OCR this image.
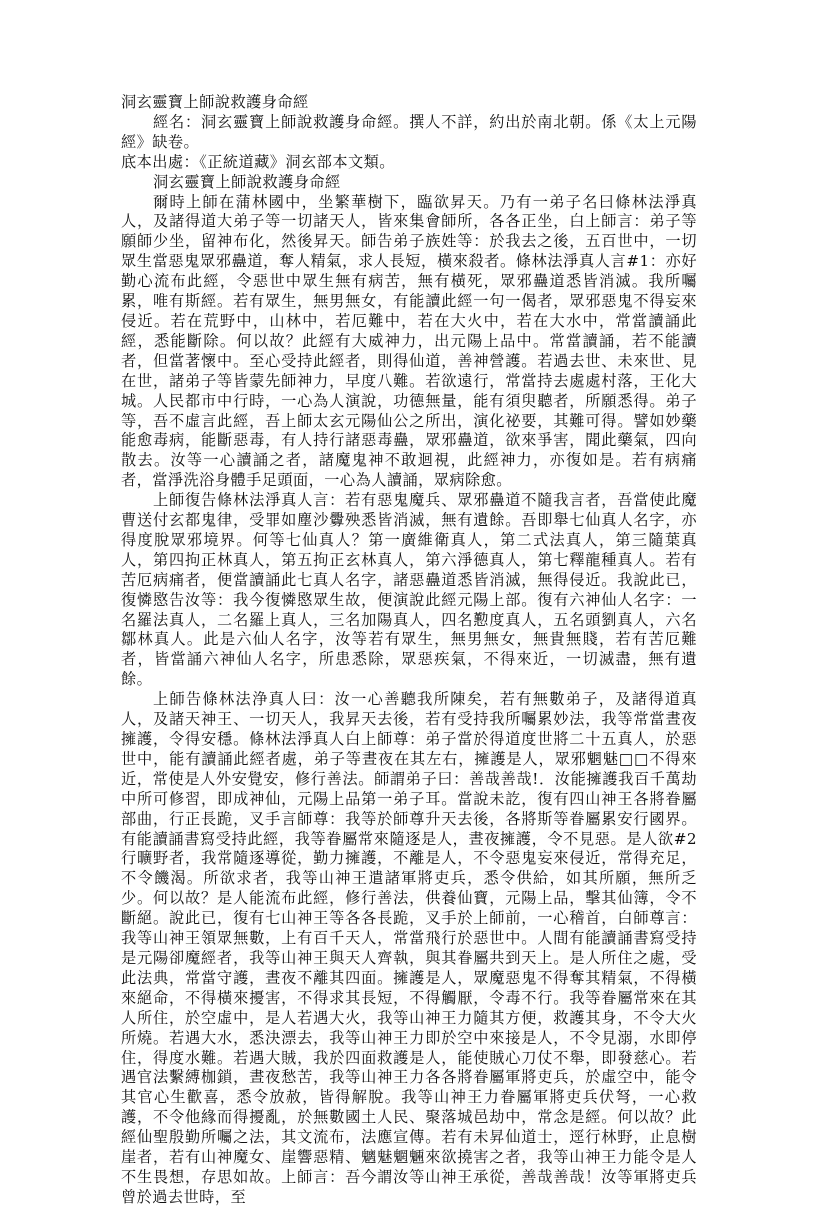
洞玄靈寶上師說救護身命經

經名：洞玄靈寶上師說救護身命經。撰人不詳，約出於南北朝。係《太上元陽經》缺卷。

底本出處：《正統道藏》洞玄部本文類。

洞玄靈寶上師說救護身命經

爾時上師在蒲林國中，坐繁華樹下，臨欲昇天。乃有一弟子名曰條林法淨真人，及諸得道大弟子等一切諸天人，皆來集會師所，各各正坐，白上師言：弟子等願師少坐，留神布化，然後昇天。師告弟子族姓等：於我去之後，五百世中，一切眾生當惡鬼眾邪蠱道，奪人精氣，求人長短，橫來殺者。條林法淨真人言#1：亦好勤心流布此經，令惡世中眾生無有病苦，無有橫死，眾邪蠱道悉皆消滅。我所囑累，唯有斯經。若有眾生，無男無女，有能讀此經一句一偈者，眾邪惡鬼不得妄來侵近。若在荒野中，山林中，若厄難中，若在大火中，若在大水中，常當讀誦此經，悉能斷除。何以故？此經有大威神力，出元陽上品中。常當讀誦，若不能讀者，但當著懷中。至心受持此經者，則得仙道，善神營護。若過去世、未來世、見在世，諸弟子等皆蒙先師神力，早度八難。若欲遠行，常當持去處處村落，王化大城。人民都市中行時，一心為人演說，功德無量，能有須臾聽者，所願悉得。弟子等，吾不虛言此經，吾上師太玄元陽仙公之所出，演化祕要，其難可得。譬如妙藥能愈毒病，能斷惡毒，有人持行諸惡毒蠱，眾邪蠱道，欲來爭害，聞此藥氣，四向散去。汝等一心讀誦之者，諸魔鬼神不敢迴視，此經神力，亦復如是。若有病痛者，當淨洗浴身體手足頭面，一心為人讀誦，眾病除愈。

上師復告條林法淨真人言：若有惡鬼魔兵、眾邪蠱道不隨我言者，吾當使此魔曹送付玄都鬼律，受罪如塵沙釁殃悉皆消滅，無有遺餘。吾即舉七仙真人名字，亦得度脫眾邪境界。何等七仙真人？第一廣維衛真人，第二式法真人，第三隨葉真人，第四拘正林真人，第五拘正玄林真人，第六淨德真人，第七釋龍種真人。若有苦厄病痛者，便當讀誦此七真人名字，諸惡蠱道悉皆消滅，無得侵近。我說此已，復憐愍告汝等：我今復憐愍眾生故，便演說此經元陽上部。復有六神仙人名字：一名羅法真人，二名羅上真人，三名加陽真人，四名懃度真人，五名頭劉真人，六名鄒林真人。此是六仙人名字，汝等若有眾生，無男無女，無貴無賤，若有苦厄難者，皆當誦六神仙人名字，所患悉除，眾惡疾氣，不得來近，一切滅盡，無有遺餘。

上師告條林法浄真人曰：汝一心善聽我所陳矣，若有無數弟子，及諸得道真人，及諸天神王、一切天人，我昇天去後，若有受持我所囑累妙法，我等常當晝夜擁護，令得安穩。條林法淨真人白上師尊：弟子當於得道度世將二十五真人，於惡世中，能有讀誦此經者處，弟子等晝夜在其左右，擁護是人，眾邪魍魅□□不得來近，常使是人外安覺安，修行善法。師謂弟子曰：善哉善哉!．汝能擁護我百千萬劫中所可修習，即成神仙，元陽上品第一弟子耳。當說未訖，復有四山神王各將眷屬部曲，行正長跪，叉手言師尊：我等於師尊升天去後，各將斯等眷屬累安行國界。有能讀誦書寫受持此經，我等眷屬常來隨逐是人，晝夜擁護，令不見惡。是人欲#2 行曠野者，我常隨逐導從，勤力擁護，不離是人，不令惡鬼妄來侵近，常得充足，不令饑渴。所欲求者，我等山神王遣諸軍將吏兵，悉令供給，如其所願，無所乏少。何以故？是人能流布此經，修行善法，供養仙寶，元陽上品，擊其仙簿，令不斷絕。說此已，復有七山神王等各各長跪，叉手於上師前，一心稽首，白師尊言：我等山神王領眾無數，上有百千天人，常當飛行於惡世中。人間有能讀誦書寫受持是元陽卻魔經者，我等山神王與天人齊執，與其眷屬共到天上。是人所住之處，受此法典，常當守護，晝夜不離其四面。擁護是人，眾魔惡鬼不得奪其精氣，不得橫來絕命，不得橫來擾害，不得求其長短，不得觸厭，令毒不行。我等眷屬常來在其人所住，於空虛中，是人若遇大火，我等山神王力隨其方便，救護其身，不令大火所燒。若遇大水，悉決漂去，我等山神王力即於空中來接是人，不令見溺，水即停住，得度水難。若遇大賊，我於四面救護是人，能使賊心刀仗不舉，即發慈心。若遇官法繫縛枷鎖，晝夜愁苦，我等山神王力各各將眷屬軍將吏兵，於虛空中，能令其官心生歡喜，悉令放赦，皆得解脫。我等山神王力眷屬軍將吏兵伏弩，一心救護，不令他緣而得擾亂，於無數國土人民、聚落城邑劫中，常念是經。何以故？此經仙聖殷勤所囑之法，其文流布，法應宣傳。若有未昇仙道士，逕行林野，止息樹崖者，若有山神魔女、崖響惡精、魑魅魍魎來欲撓害之者，我等山神王力能令是人不生畏想，存思如故。上師言：吾今謂汝等山神王承從，善哉善哉！汝等軍將吏兵曾於過去世時，至
